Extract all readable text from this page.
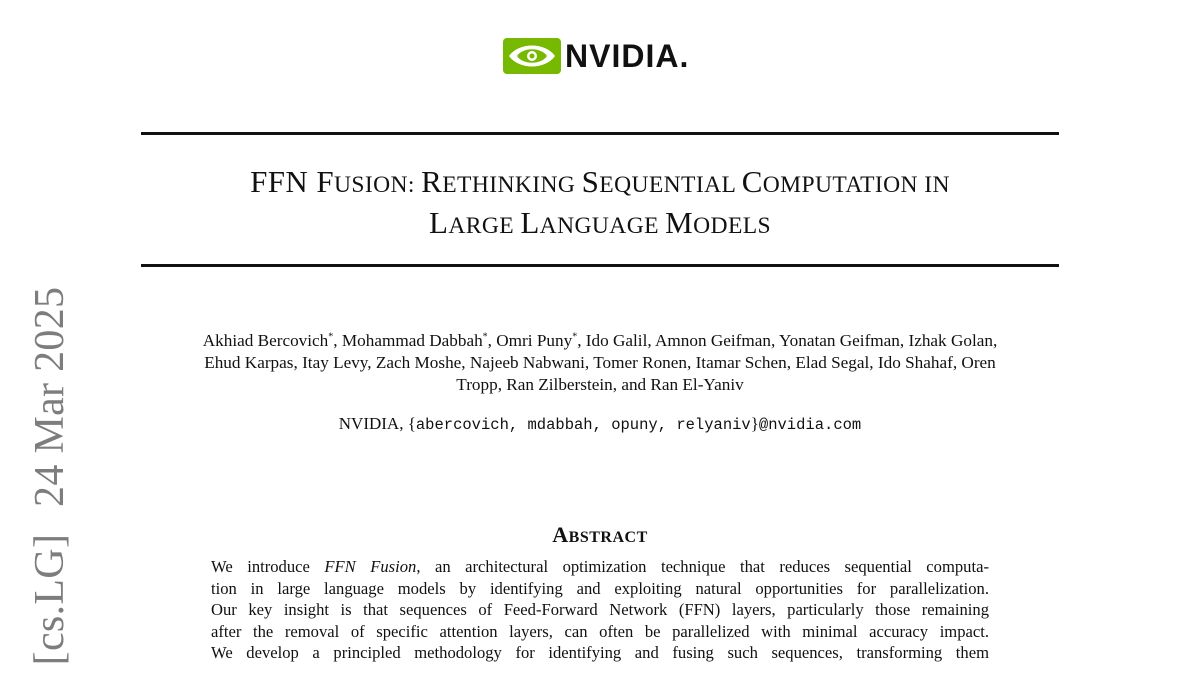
NVIDIA.
FFN FUSION: RETHINKING SEQUENTIAL COMPUTATION IN
LARGE LANGUAGE MODELS
Akhiad Bercovich*, Mohammad Dabbah*, Omri Puny*, Ido Galil, Amnon Geifman, Yonatan Geifman, Izhak Golan,
Ehud Karpas, Itay Levy, Zach Moshe, Najeeb Nabwani, Tomer Ronen, Itamar Schen, Elad Segal, Ido Shahaf, Oren
Tropp, Ran Zilberstein, and Ran El-Yaniv
NVIDIA, {abercovich, mdabbah, opuny, relyaniv}@nvidia.com
ABSTRACT
We introduce FFN Fusion, an architectural optimization technique that reduces sequential computa-
tion in large language models by identifying and exploiting natural opportunities for parallelization.
Our key insight is that sequences of Feed-Forward Network (FFN) layers, particularly those remaining
after the removal of specific attention layers, can often be parallelized with minimal accuracy impact.
We develop a principled methodology for identifying and fusing such sequences, transforming them
[cs.LG] 24 Mar 2025
